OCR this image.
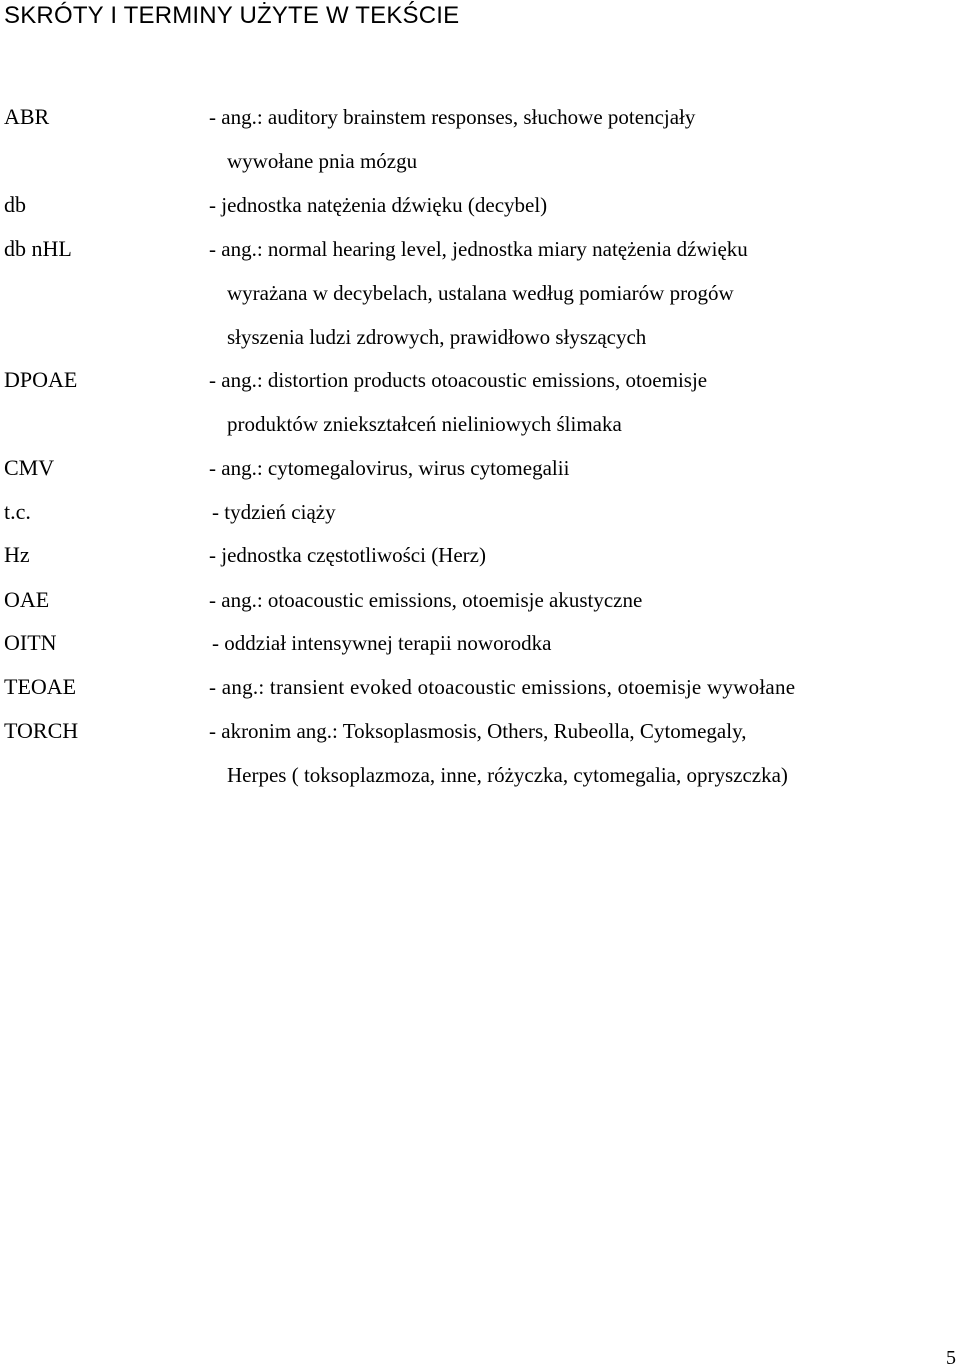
SKRÓTY I TERMINY UŻYTE W TEKŚCIE
ABR	- ang.: auditory brainstem responses, słuchowe potencjały
wywołane pnia mózgu
db	- jednostka natężenia dźwięku (decybel)
db nHL	- ang.: normal hearing level, jednostka miary natężenia dźwięku
wyrażana w decybelach, ustalana według pomiarów progów
słyszenia ludzi zdrowych, prawidłowo słyszących
DPOAE	- ang.: distortion products otoacoustic emissions, otoemisje
produktów zniekształceń nieliniowych ślimaka
CMV	- ang.: cytomegalovirus, wirus cytomegalii
t.c.	- tydzień ciąży
Hz	- jednostka częstotliwości (Herz)
OAE	- ang.: otoacoustic emissions, otoemisje akustyczne
OITN	- oddział intensywnej terapii noworodka
TEOAE	- ang.: transient evoked otoacoustic emissions, otoemisje wywołane
TORCH	- akronim ang.: Toksoplasmosis, Others, Rubeolla, Cytomegaly,
Herpes ( toksoplazmoza, inne, różyczka, cytomegalia, opryszczka)
5
